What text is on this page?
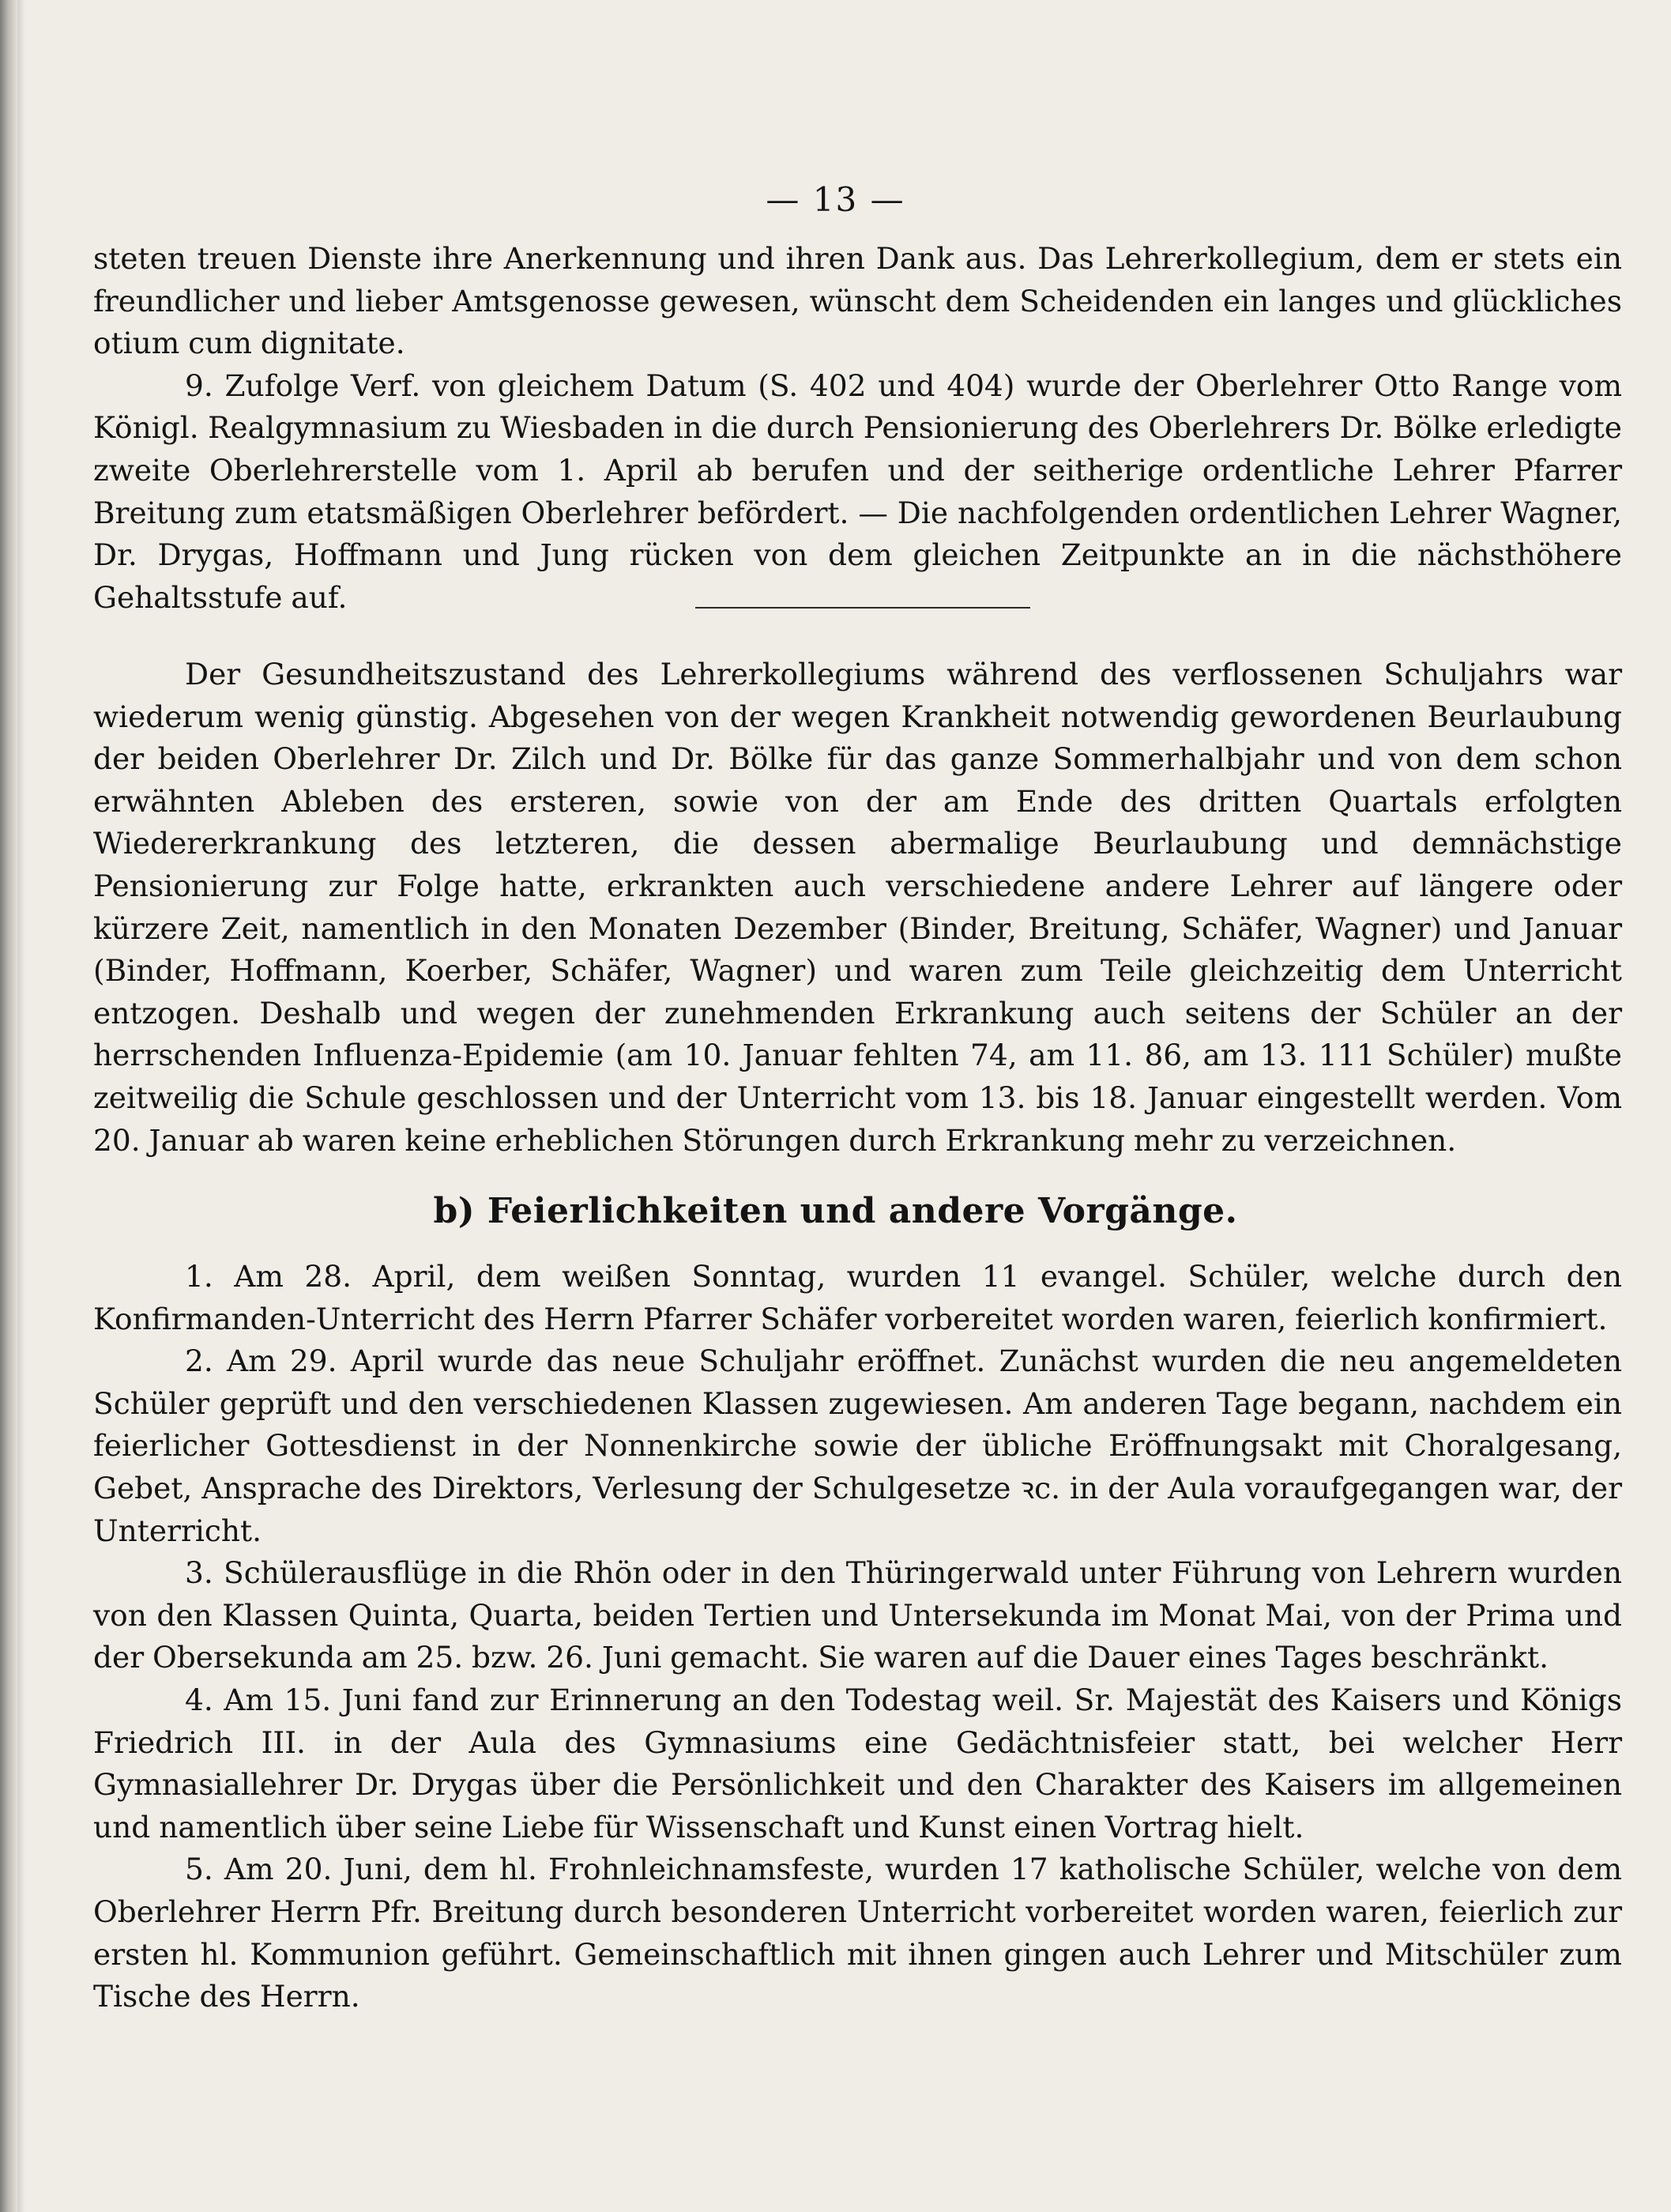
— 13 —

steten treuen Dienste ihre Anerkennung und ihren Dank aus. Das Lehrerkollegium, dem er stets ein freundlicher und lieber Amtsgenosse gewesen, wünscht dem Scheidenden ein langes und glückliches otium cum dignitate.

9. Zufolge Verf. von gleichem Datum (S. 402 und 404) wurde der Oberlehrer Otto Range vom Königl. Realgymnasium zu Wiesbaden in die durch Pensionierung des Oberlehrers Dr. Bölke erledigte zweite Oberlehrerstelle vom 1. April ab berufen und der seitherige ordentliche Lehrer Pfarrer Breitung zum etatsmäßigen Oberlehrer befördert. — Die nachfolgenden ordentlichen Lehrer Wagner, Dr. Drygas, Hoffmann und Jung rücken von dem gleichen Zeitpunkte an in die nächsthöhere Gehaltsstufe auf.

Der Gesundheitszustand des Lehrerkollegiums während des verflossenen Schuljahrs war wiederum wenig günstig. Abgesehen von der wegen Krankheit notwendig gewordenen Beurlaubung der beiden Oberlehrer Dr. Zilch und Dr. Bölke für das ganze Sommerhalbjahr und von dem schon erwähnten Ableben des ersteren, sowie von der am Ende des dritten Quartals erfolgten Wiedererkrankung des letzteren, die dessen abermalige Beurlaubung und demnächstige Pensionierung zur Folge hatte, erkrankten auch verschiedene andere Lehrer auf längere oder kürzere Zeit, namentlich in den Monaten Dezember (Binder, Breitung, Schäfer, Wagner) und Januar (Binder, Hoffmann, Koerber, Schäfer, Wagner) und waren zum Teile gleichzeitig dem Unterricht entzogen. Deshalb und wegen der zunehmenden Erkrankung auch seitens der Schüler an der herrschenden Influenza-Epidemie (am 10. Januar fehlten 74, am 11. 86, am 13. 111 Schüler) mußte zeitweilig die Schule geschlossen und der Unterricht vom 13. bis 18. Januar eingestellt werden. Vom 20. Januar ab waren keine erheblichen Störungen durch Erkrankung mehr zu verzeichnen.

b) Feierlichkeiten und andere Vorgänge.

1. Am 28. April, dem weißen Sonntag, wurden 11 evangel. Schüler, welche durch den Konfirmanden-Unterricht des Herrn Pfarrer Schäfer vorbereitet worden waren, feierlich konfirmiert.

2. Am 29. April wurde das neue Schuljahr eröffnet. Zunächst wurden die neu angemeldeten Schüler geprüft und den verschiedenen Klassen zugewiesen. Am anderen Tage begann, nachdem ein feierlicher Gottesdienst in der Nonnenkirche sowie der übliche Eröffnungsakt mit Choralgesang, Gebet, Ansprache des Direktors, Verlesung der Schulgesetze ꝛc. in der Aula voraufgegangen war, der Unterricht.

3. Schülerausflüge in die Rhön oder in den Thüringerwald unter Führung von Lehrern wurden von den Klassen Quinta, Quarta, beiden Tertien und Untersekunda im Monat Mai, von der Prima und der Obersekunda am 25. bzw. 26. Juni gemacht. Sie waren auf die Dauer eines Tages beschränkt.

4. Am 15. Juni fand zur Erinnerung an den Todestag weil. Sr. Majestät des Kaisers und Königs Friedrich III. in der Aula des Gymnasiums eine Gedächtnisfeier statt, bei welcher Herr Gymnasiallehrer Dr. Drygas über die Persönlichkeit und den Charakter des Kaisers im allgemeinen und namentlich über seine Liebe für Wissenschaft und Kunst einen Vortrag hielt.

5. Am 20. Juni, dem hl. Frohnleichnamsfeste, wurden 17 katholische Schüler, welche von dem Oberlehrer Herrn Pfr. Breitung durch besonderen Unterricht vorbereitet worden waren, feierlich zur ersten hl. Kommunion geführt. Gemeinschaftlich mit ihnen gingen auch Lehrer und Mitschüler zum Tische des Herrn.
